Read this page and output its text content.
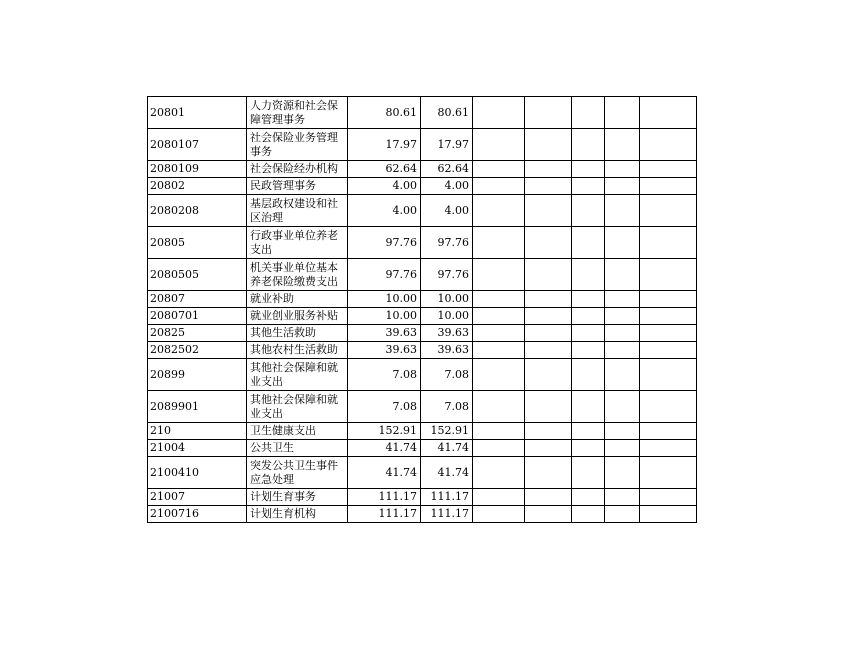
20801	人力资源和社会保障管理事务	80.61	80.61					
2080107	社会保险业务管理事务	17.97	17.97					
2080109	社会保险经办机构	62.64	62.64					
20802	民政管理事务	4.00	4.00					
2080208	基层政权建设和社区治理	4.00	4.00					
20805	行政事业单位养老支出	97.76	97.76					
2080505	机关事业单位基本养老保险缴费支出	97.76	97.76					
20807	就业补助	10.00	10.00					
2080701	就业创业服务补贴	10.00	10.00					
20825	其他生活救助	39.63	39.63					
2082502	其他农村生活救助	39.63	39.63					
20899	其他社会保障和就业支出	7.08	7.08					
2089901	其他社会保障和就业支出	7.08	7.08					
210	卫生健康支出	152.91	152.91					
21004	公共卫生	41.74	41.74					
2100410	突发公共卫生事件应急处理	41.74	41.74					
21007	计划生育事务	111.17	111.17					
2100716	计划生育机构	111.17	111.17					
